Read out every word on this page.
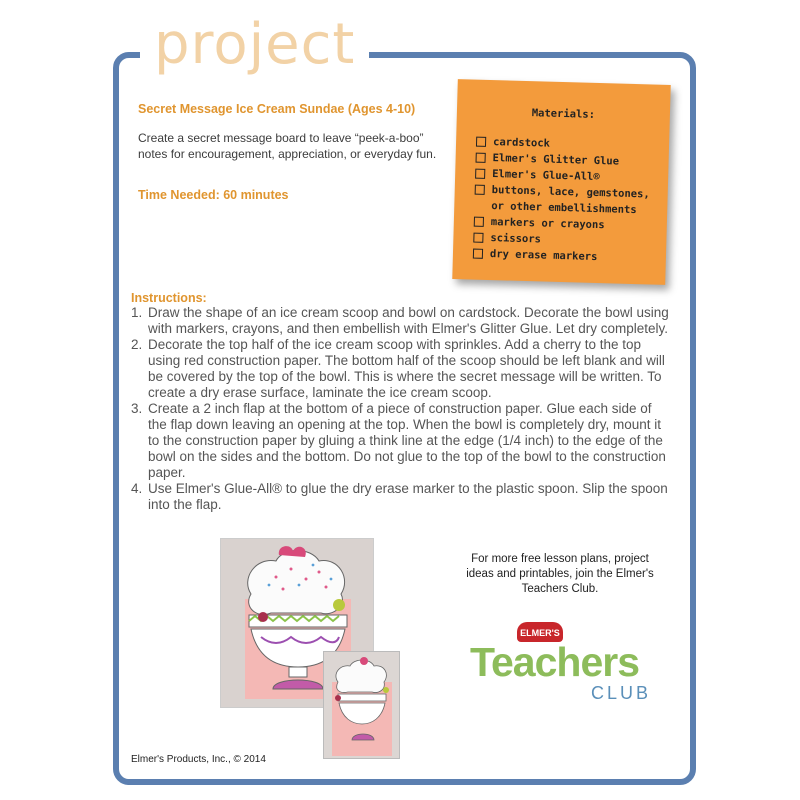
project
Secret Message Ice Cream Sundae (Ages 4-10)
Create a secret message board to leave “peek-a-boo” notes for encouragement, appreciation, or everyday fun.
Time Needed: 60 minutes
Materials:
cardstock
Elmer's Glitter Glue
Elmer's Glue-All®
buttons, lace, gemstones, or other embellishments
markers or crayons
scissors
dry erase markers
Instructions:
1. Draw the shape of an ice cream scoop and bowl on cardstock. Decorate the bowl using with markers, crayons, and then embellish with Elmer's Glitter Glue. Let dry completely.
2. Decorate the top half of the ice cream scoop with sprinkles. Add a cherry to the top using red construction paper. The bottom half of the scoop should be left blank and will be covered by the top of the bowl. This is where the secret message will be written. To create a dry erase surface, laminate the ice cream scoop.
3. Create a 2 inch flap at the bottom of a piece of construction paper. Glue each side of the flap down leaving an opening at the top. When the bowl is completely dry, mount it to the construction paper by gluing a think line at the edge (1/4 inch) to the edge of the bowl on the sides and the bottom. Do not glue to the top of the bowl to the construction paper.
4. Use Elmer's Glue-All® to glue the dry erase marker to the plastic spoon. Slip the spoon into the flap.
For more free lesson plans, project ideas and printables, join the Elmer's Teachers Club.
ELMER'S
Teachers
CLUB
Elmer's Products, Inc., © 2014
